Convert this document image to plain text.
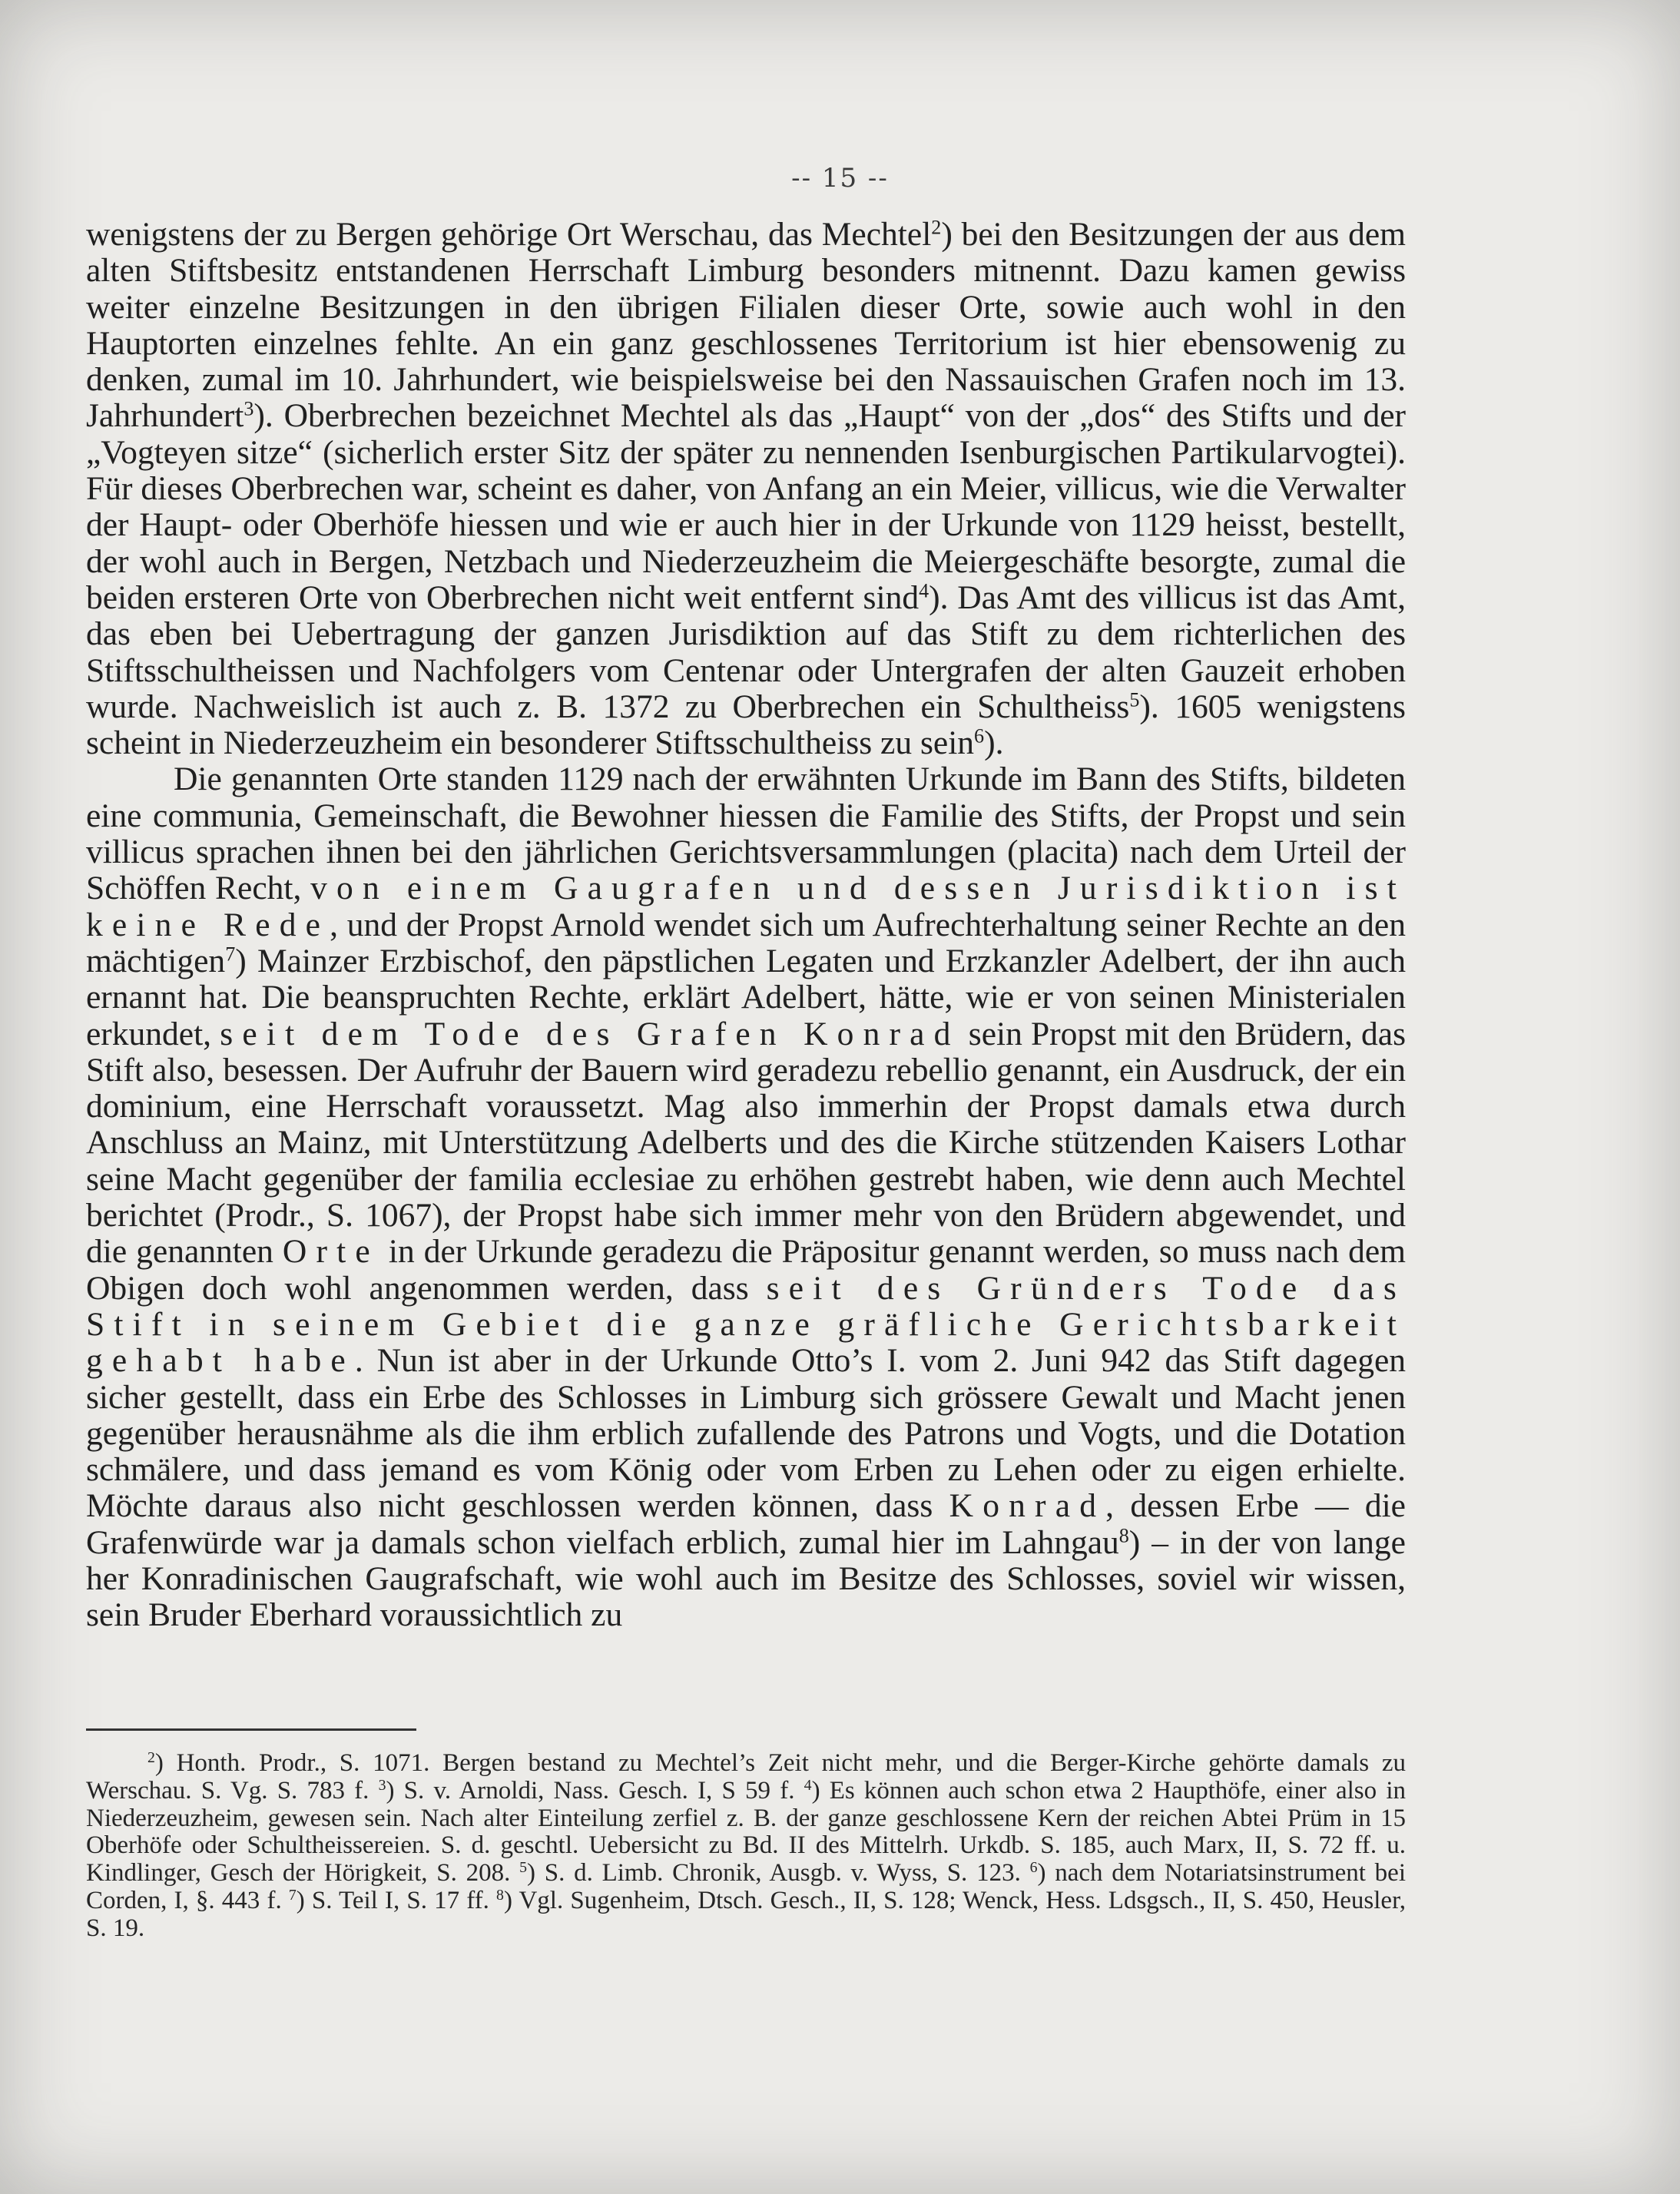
-- 15 --

wenigstens der zu Bergen gehörige Ort Werschau, das Mechtel$^2$) bei den Besitzungen der aus dem alten Stiftsbesitz entstandenen Herrschaft Limburg besonders mitnennt. Dazu kamen gewiss weiter einzelne Besitzungen in den übrigen Filialen dieser Orte, sowie auch wohl in den Hauptorten einzelnes fehlte. An ein ganz geschlossenes Territorium ist hier ebensowenig zu denken, zumal im 10. Jahrhundert, wie beispielsweise bei den Nassauischen Grafen noch im 13. Jahrhundert$^3$). Oberbrechen bezeichnet Mechtel als das „Haupt“ von der „dos“ des Stifts und der „Vogteyen sitze“ (sicherlich erster Sitz der später zu nennenden Isenburgischen Partikularvogtei). Für dieses Oberbrechen war, scheint es daher, von Anfang an ein Meier, villicus, wie die Verwalter der Haupt- oder Oberhöfe hiessen und wie er auch hier in der Urkunde von 1129 heisst, bestellt, der wohl auch in Bergen, Netzbach und Niederzeuzheim die Meiergeschäfte besorgte, zumal die beiden ersteren Orte von Oberbrechen nicht weit entfernt sind$^4$). Das Amt des villicus ist das Amt, das eben bei Uebertragung der ganzen Jurisdiktion auf das Stift zu dem richterlichen des Stiftsschultheissen und Nachfolgers vom Centenar oder Untergrafen der alten Gauzeit erhoben wurde. Nachweislich ist auch z. B. 1372 zu Oberbrechen ein Schultheiss$^5$). 1605 wenigstens scheint in Niederzeuzheim ein besonderer Stiftsschultheiss zu sein$^6$).

Die genannten Orte standen 1129 nach der erwähnten Urkunde im Bann des Stifts, bildeten eine communia, Gemeinschaft, die Bewohner hiessen die Familie des Stifts, der Propst und sein villicus sprachen ihnen bei den jährlichen Gerichtsversammlungen (placita) nach dem Urteil der Schöffen Recht, von einem Gaugrafen und dessen Jurisdiktion ist keine Rede, und der Propst Arnold wendet sich um Aufrechterhaltung seiner Rechte an den mächtigen$^7$) Mainzer Erzbischof, den päpstlichen Legaten und Erzkanzler Adelbert, der ihn auch ernannt hat. Die beanspruchten Rechte, erklärt Adelbert, hätte, wie er von seinen Ministerialen erkundet, seit dem Tode des Grafen Konrad sein Propst mit den Brüdern, das Stift also, besessen. Der Aufruhr der Bauern wird geradezu rebellio genannt, ein Ausdruck, der ein dominium, eine Herrschaft voraussetzt. Mag also immerhin der Propst damals etwa durch Anschluss an Mainz, mit Unterstützung Adelberts und des die Kirche stützenden Kaisers Lothar seine Macht gegenüber der familia ecclesiae zu erhöhen gestrebt haben, wie denn auch Mechtel berichtet (Prodr., S. 1067), der Propst habe sich immer mehr von den Brüdern abgewendet, und die genannten Orte in der Urkunde geradezu die Präpositur genannt werden, so muss nach dem Obigen doch wohl angenommen werden, dass seit des Gründers Tode das Stift in seinem Gebiet die ganze gräfliche Gerichtsbarkeit gehabt habe. Nun ist aber in der Urkunde Otto’s I. vom 2. Juni 942 das Stift dagegen sicher gestellt, dass ein Erbe des Schlosses in Limburg sich grössere Gewalt und Macht jenen gegenüber herausnähme als die ihm erblich zufallende des Patrons und Vogts, und die Dotation schmälere, und dass jemand es vom König oder vom Erben zu Lehen oder zu eigen erhielte. Möchte daraus also nicht geschlossen werden können, dass Konrad, dessen Erbe — die Grafenwürde war ja damals schon vielfach erblich, zumal hier im Lahngau$^8$) – in der von lange her Konradinischen Gaugrafschaft, wie wohl auch im Besitze des Schlosses, soviel wir wissen, sein Bruder Eberhard voraussichtlich zu

$^2$) Honth. Prodr., S. 1071. Bergen bestand zu Mechtel’s Zeit nicht mehr, und die Berger-Kirche gehörte damals zu Werschau. S. Vg. S. 783 f. $^3$) S. v. Arnoldi, Nass. Gesch. I, S 59 f. $^4$) Es können auch schon etwa 2 Haupthöfe, einer also in Niederzeuzheim, gewesen sein. Nach alter Einteilung zerfiel z. B. der ganze geschlossene Kern der reichen Abtei Prüm in 15 Oberhöfe oder Schultheissereien. S. d. geschtl. Uebersicht zu Bd. II des Mittelrh. Urkdb. S. 185, auch Marx, II, S. 72 ff. u. Kindlinger, Gesch der Hörigkeit, S. 208. $^5$) S. d. Limb. Chronik, Ausgb. v. Wyss, S. 123. $^6$) nach dem Notariatsinstrument bei Corden, I, §. 443 f. $^7$) S. Teil I, S. 17 ff. $^8$) Vgl. Sugenheim, Dtsch. Gesch., II, S. 128; Wenck, Hess. Ldsgsch., II, S. 450, Heusler, S. 19.
